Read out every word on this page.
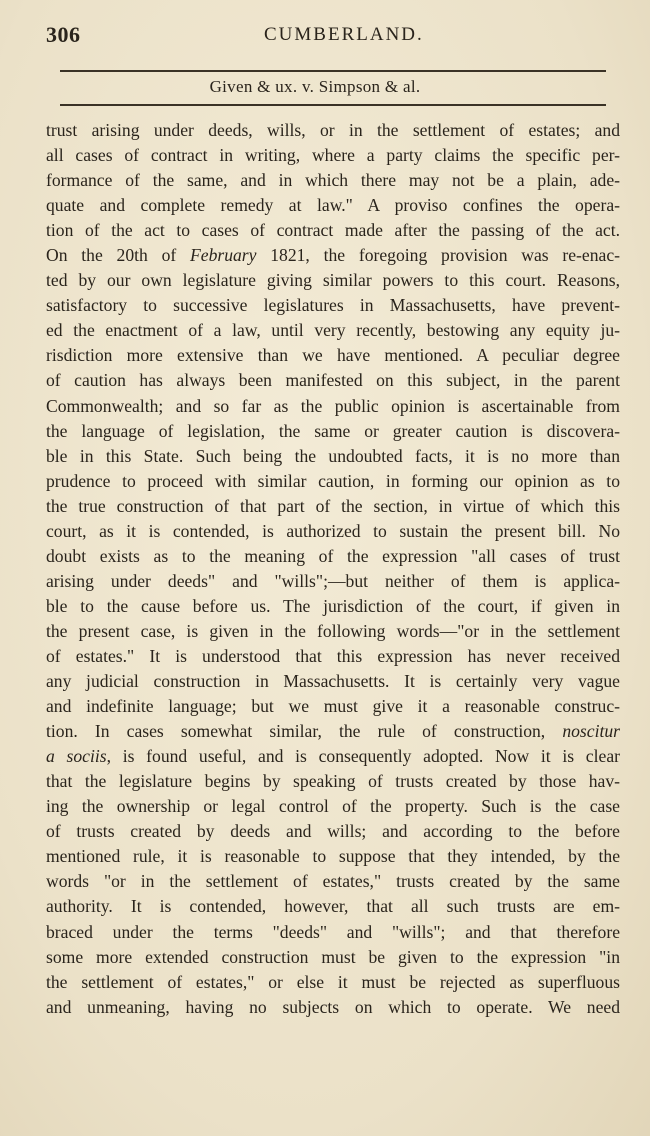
306	CUMBERLAND.
Given & ux. v. Simpson & al.
trust arising under deeds, wills, or in the settlement of estates; and
all cases of contract in writing, where a party claims the specific per-
formance of the same, and in which there may not be a plain, ade-
quate and complete remedy at law." A proviso confines the opera-
tion of the act to cases of contract made after the passing of the act.
On the 20th of February 1821, the foregoing provision was re-enac-
ted by our own legislature giving similar powers to this court. Reasons,
satisfactory to successive legislatures in Massachusetts, have prevent-
ed the enactment of a law, until very recently, bestowing any equity ju-
risdiction more extensive than we have mentioned. A peculiar degree
of caution has always been manifested on this subject, in the parent
Commonwealth; and so far as the public opinion is ascertainable from
the language of legislation, the same or greater caution is discovera-
ble in this State. Such being the undoubted facts, it is no more than
prudence to proceed with similar caution, in forming our opinion as to
the true construction of that part of the section, in virtue of which this
court, as it is contended, is authorized to sustain the present bill. No
doubt exists as to the meaning of the expression "all cases of trust
arising under deeds" and "wills";—but neither of them is applica-
ble to the cause before us. The jurisdiction of the court, if given in
the present case, is given in the following words—"or in the settlement
of estates." It is understood that this expression has never received
any judicial construction in Massachusetts. It is certainly very vague
and indefinite language; but we must give it a reasonable construc-
tion. In cases somewhat similar, the rule of construction, noscitur
a sociis, is found useful, and is consequently adopted. Now it is clear
that the legislature begins by speaking of trusts created by those hav-
ing the ownership or legal control of the property. Such is the case
of trusts created by deeds and wills; and according to the before
mentioned rule, it is reasonable to suppose that they intended, by the
words "or in the settlement of estates," trusts created by the same
authority. It is contended, however, that all such trusts are em-
braced under the terms "deeds" and "wills"; and that therefore
some more extended construction must be given to the expression "in
the settlement of estates," or else it must be rejected as superfluous
and unmeaning, having no subjects on which to operate. We need
